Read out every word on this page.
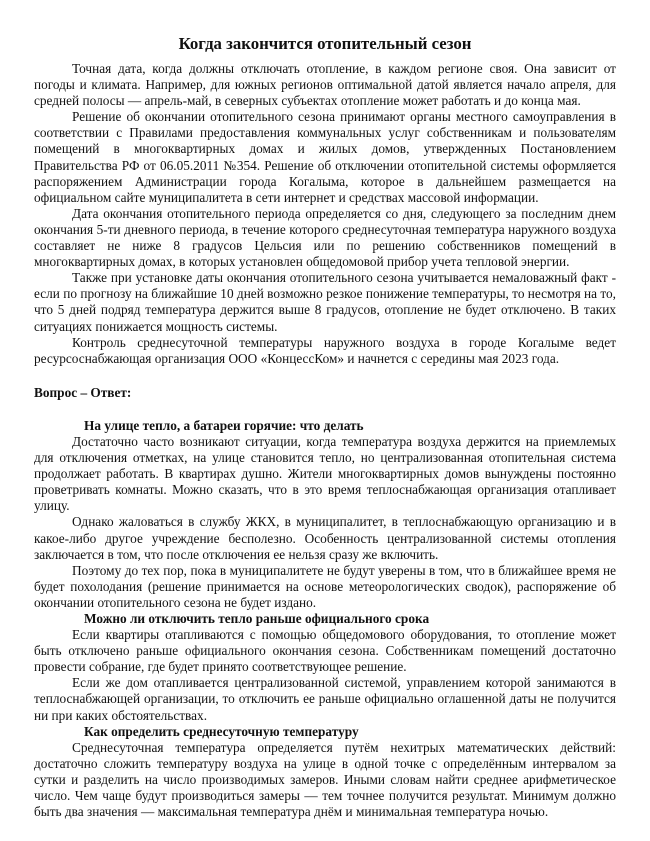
Когда закончится отопительный сезон

Точная дата, когда должны отключать отопление, в каждом регионе своя. Она зависит от погоды и климата. Например, для южных регионов оптимальной датой является начало апреля, для средней полосы — апрель-май, в северных субъектах отопление может работать и до конца мая.

Решение об окончании отопительного сезона принимают органы местного самоуправления в соответствии с Правилами предоставления коммунальных услуг собственникам и пользователям помещений в многоквартирных домах и жилых домов, утвержденных Постановлением Правительства РФ от 06.05.2011 №354. Решение об отключении отопительной системы оформляется распоряжением Администрации города Когалыма, которое в дальнейшем размещается на официальном сайте муниципалитета в сети интернет и средствах массовой информации.

Дата окончания отопительного периода определяется со дня, следующего за последним днем окончания 5-ти дневного периода, в течение которого среднесуточная температура наружного воздуха составляет не ниже 8 градусов Цельсия или по решению собственников помещений в многоквартирных домах, в которых установлен общедомовой прибор учета тепловой энергии.

Также при установке даты окончания отопительного сезона учитывается немаловажный факт - если по прогнозу на ближайшие 10 дней возможно резкое понижение температуры, то несмотря на то, что 5 дней подряд температура держится выше 8 градусов, отопление не будет отключено. В таких ситуациях понижается мощность системы.

Контроль среднесуточной температуры наружного воздуха в городе Когалыме ведет ресурсоснабжающая организация ООО «КонцессКом» и начнется с середины мая 2023 года.

Вопрос – Ответ:

На улице тепло, а батареи горячие: что делать

Достаточно часто возникают ситуации, когда температура воздуха держится на приемлемых для отключения отметках, на улице становится тепло, но централизованная отопительная система продолжает работать. В квартирах душно. Жители многоквартирных домов вынуждены постоянно проветривать комнаты. Можно сказать, что в это время теплоснабжающая организация отапливает улицу.

Однако жаловаться в службу ЖКХ, в муниципалитет, в теплоснабжающую организацию и в какое-либо другое учреждение бесполезно. Особенность централизованной системы отопления заключается в том, что после отключения ее нельзя сразу же включить.

Поэтому до тех пор, пока в муниципалитете не будут уверены в том, что в ближайшее время не будет похолодания (решение принимается на основе метеорологических сводок), распоряжение об окончании отопительного сезона не будет издано.

Можно ли отключить тепло раньше официального срока

Если квартиры отапливаются с помощью общедомового оборудования, то отопление может быть отключено раньше официального окончания сезона. Собственникам помещений достаточно провести собрание, где будет принято соответствующее решение.

Если же дом отапливается централизованной системой, управлением которой занимаются в теплоснабжающей организации, то отключить ее раньше официально оглашенной даты не получится ни при каких обстоятельствах.

Как определить среднесуточную температуру

Среднесуточная температура определяется путём нехитрых математических действий: достаточно сложить температуру воздуха на улице в одной точке с определённым интервалом за сутки и разделить на число производимых замеров. Иными словам найти среднее арифметическое число. Чем чаще будут производиться замеры — тем точнее получится результат. Минимум должно быть два значения — максимальная температура днём и минимальная температура ночью.
